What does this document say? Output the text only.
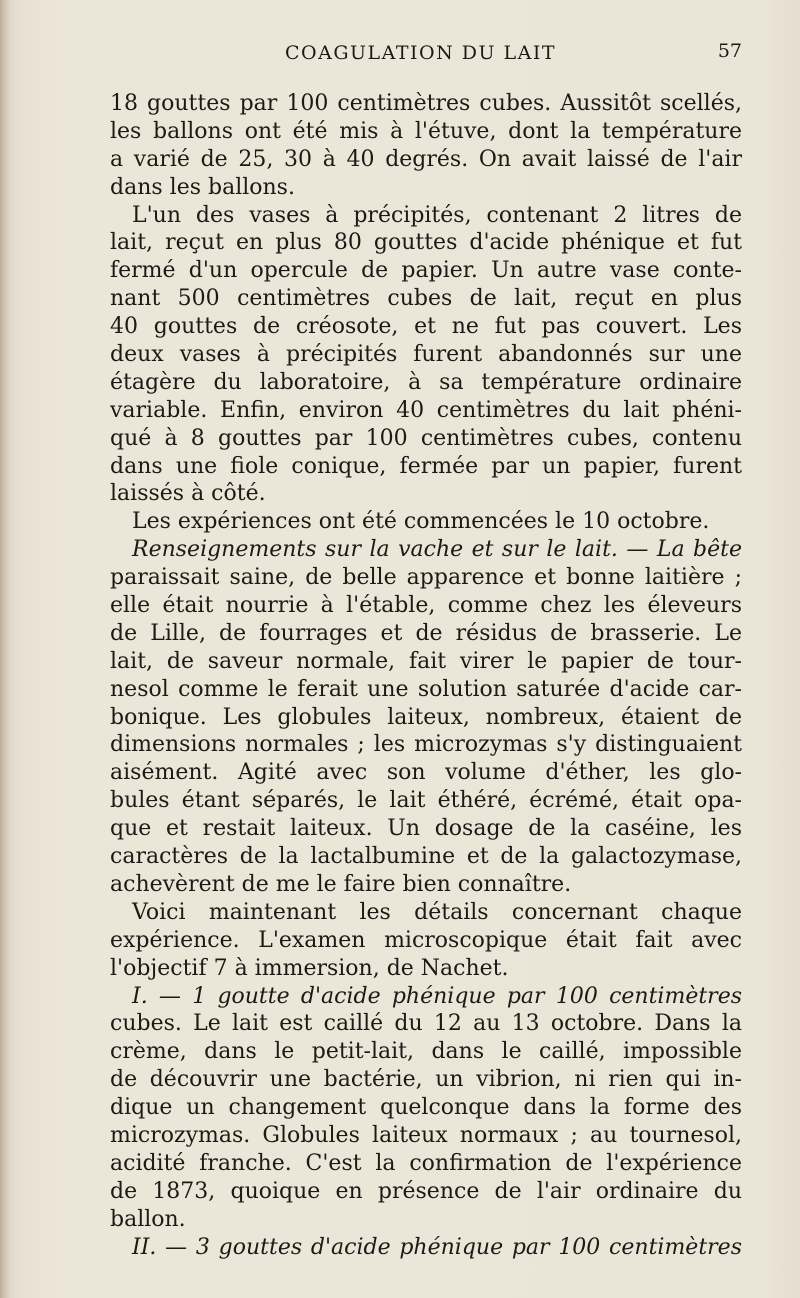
COAGULATION DU LAIT	57
18 gouttes par 100 centimètres cubes. Aussitôt scellés,
les ballons ont été mis à l'étuve, dont la température
a varié de 25, 30 à 40 degrés. On avait laissé de l'air
dans les ballons.
L'un des vases à précipités, contenant 2 litres de
lait, reçut en plus 80 gouttes d'acide phénique et fut
fermé d'un opercule de papier. Un autre vase conte-
nant 500 centimètres cubes de lait, reçut en plus
40 gouttes de créosote, et ne fut pas couvert. Les
deux vases à précipités furent abandonnés sur une
étagère du laboratoire, à sa température ordinaire
variable. Enfin, environ 40 centimètres du lait phéni-
qué à 8 gouttes par 100 centimètres cubes, contenu
dans une fiole conique, fermée par un papier, furent
laissés à côté.
Les expériences ont été commencées le 10 octobre.
Renseignements sur la vache et sur le lait. — La bête
paraissait saine, de belle apparence et bonne laitière ;
elle était nourrie à l'étable, comme chez les éleveurs
de Lille, de fourrages et de résidus de brasserie. Le
lait, de saveur normale, fait virer le papier de tour-
nesol comme le ferait une solution saturée d'acide car-
bonique. Les globules laiteux, nombreux, étaient de
dimensions normales ; les microzymas s'y distinguaient
aisément. Agité avec son volume d'éther, les glo-
bules étant séparés, le lait éthéré, écrémé, était opa-
que et restait laiteux. Un dosage de la caséine, les
caractères de la lactalbumine et de la galactozymase,
achevèrent de me le faire bien connaître.
Voici maintenant les détails concernant chaque
expérience. L'examen microscopique était fait avec
l'objectif 7 à immersion, de Nachet.
I. — 1 goutte d'acide phénique par 100 centimètres
cubes. Le lait est caillé du 12 au 13 octobre. Dans la
crème, dans le petit-lait, dans le caillé, impossible
de découvrir une bactérie, un vibrion, ni rien qui in-
dique un changement quelconque dans la forme des
microzymas. Globules laiteux normaux ; au tournesol,
acidité franche. C'est la confirmation de l'expérience
de 1873, quoique en présence de l'air ordinaire du
ballon.
II. — 3 gouttes d'acide phénique par 100 centimètres
